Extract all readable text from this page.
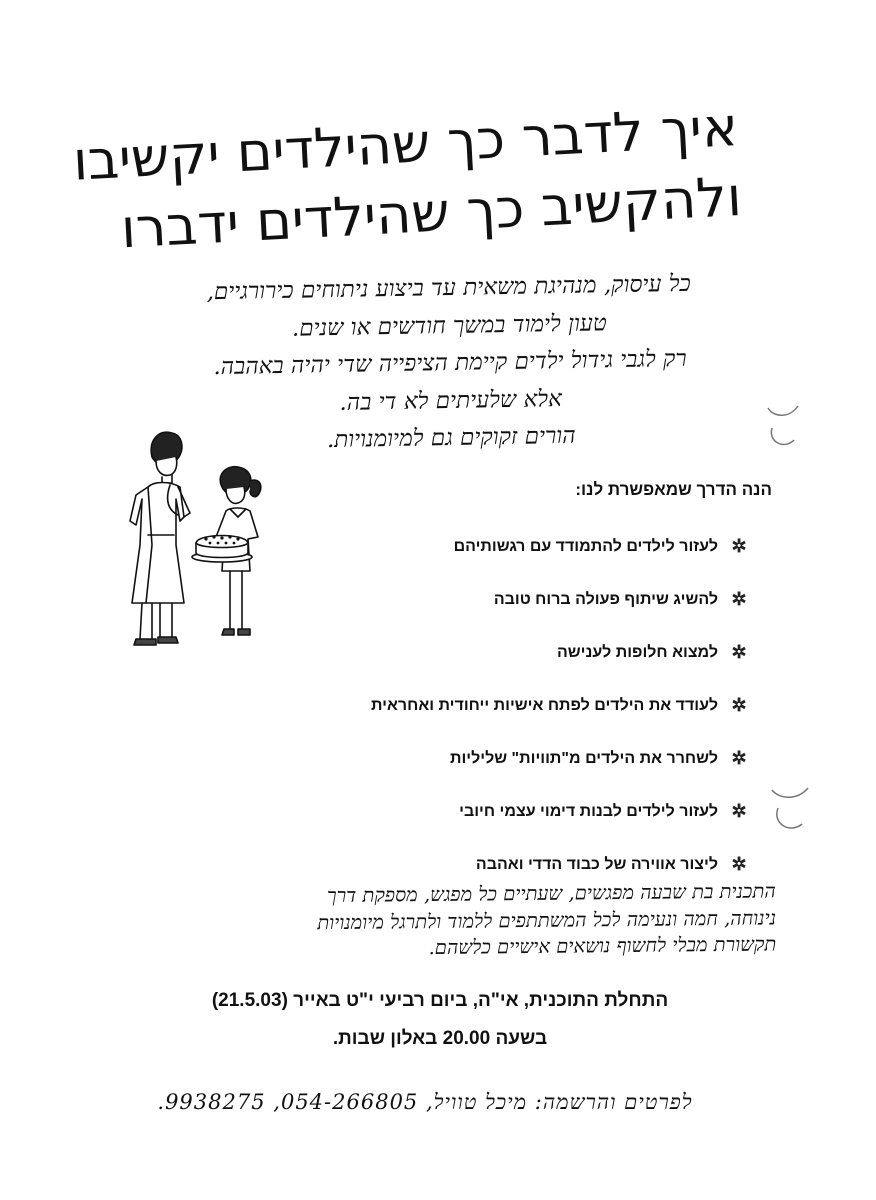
איך לדבר כך שהילדים יקשיבו
ולהקשיב כך שהילדים ידברו
כל עיסוק, מנהיגת משאית עד ביצוע ניתוחים כירורגיים,
טעון לימוד במשך חודשים או שנים.
רק לגבי גידול ילדים קיימת הציפייה שדי יהיה באהבה.
אלא שלעיתים לא די בה.
הורים זקוקים גם למיומנויות.
הנה הדרך שמאפשרת לנו:
✲
לעזור לילדים להתמודד עם רגשותיהם
✲
להשיג שיתוף פעולה ברוח טובה
✲
למצוא חלופות לענישה
✲
לעודד את הילדים לפתח אישיות ייחודית ואחראית
✲
לשחרר את הילדים מ"תוויות" שליליות
✲
לעזור לילדים לבנות דימוי עצמי חיובי
✲
ליצור אווירה של כבוד הדדי ואהבה
התכנית בת שבעה מפגשים, שעתיים כל מפגש, מספקת דרך
נינוחה, חמה ונעימה לכל המשתתפים ללמוד ולתרגל מיומנויות
תקשורת מבלי לחשוף נושאים אישיים כלשהם.
התחלת התוכנית, אי"ה, ביום רביעי י"ט באייר (21.5.03)
בשעה 20.00 באלון שבות.
לפרטים והרשמה: מיכל טוויל, 054-266805, 9938275.
